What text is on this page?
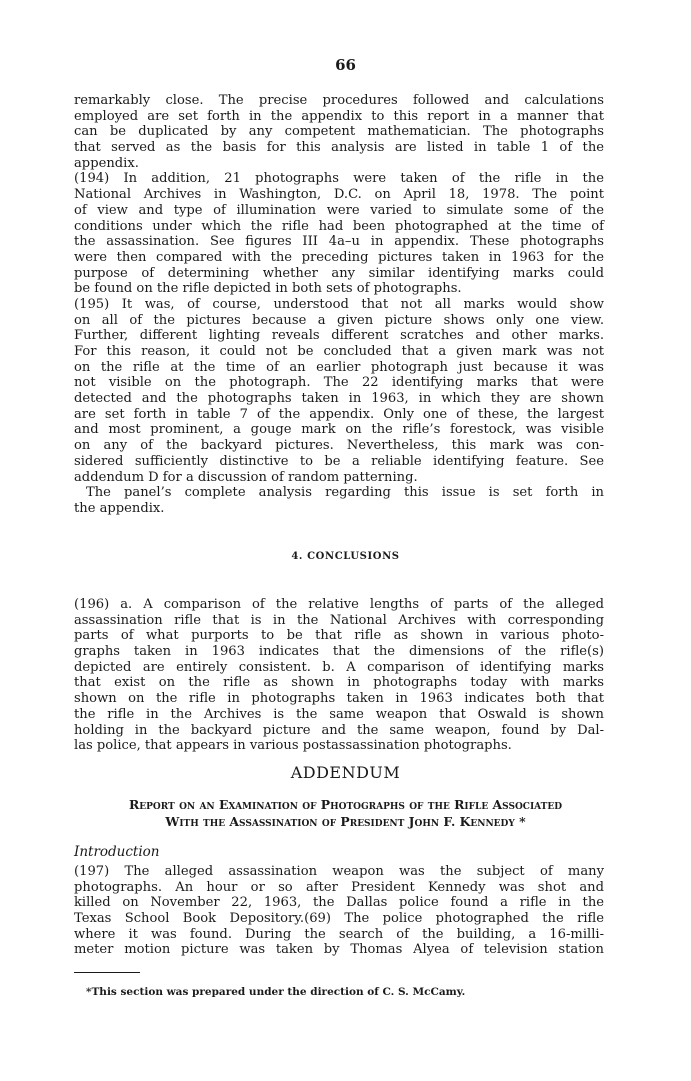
66
remarkably close. The precise procedures followed and calculations
employed are set forth in the appendix to this report in a manner that
can be duplicated by any competent mathematician. The photographs
that served as the basis for this analysis are listed in table 1 of the
appendix.
(194) In addition, 21 photographs were taken of the rifle in the
National Archives in Washington, D.C. on April 18, 1978. The point
of view and type of illumination were varied to simulate some of the
conditions under which the rifle had been photographed at the time of
the assassination. See figures III 4a–u in appendix. These photographs
were then compared with the preceding pictures taken in 1963 for the
purpose of determining whether any similar identifying marks could
be found on the rifle depicted in both sets of photographs.
(195) It was, of course, understood that not all marks would show
on all of the pictures because a given picture shows only one view.
Further, different lighting reveals different scratches and other marks.
For this reason, it could not be concluded that a given mark was not
on the rifle at the time of an earlier photograph just because it was
not visible on the photograph. The 22 identifying marks that were
detected and the photographs taken in 1963, in which they are shown
are set forth in table 7 of the appendix. Only one of these, the largest
and most prominent, a gouge mark on the rifle’s forestock, was visible
on any of the backyard pictures. Nevertheless, this mark was con-
sidered sufficiently distinctive to be a reliable identifying feature. See
addendum D for a discussion of random patterning.
The panel’s complete analysis regarding this issue is set forth in
the appendix.
4. CONCLUSIONS
(196) a. A comparison of the relative lengths of parts of the alleged
assassination rifle that is in the National Archives with corresponding
parts of what purports to be that rifle as shown in various photo-
graphs taken in 1963 indicates that the dimensions of the rifle(s)
depicted are entirely consistent. b. A comparison of identifying marks
that exist on the rifle as shown in photographs today with marks
shown on the rifle in photographs taken in 1963 indicates both that
the rifle in the Archives is the same weapon that Oswald is shown
holding in the backyard picture and the same weapon, found by Dal-
las police, that appears in various postassassination photographs.
ADDENDUM
Report on an Examination of Photographs of the Rifle Associated
With the Assassination of President John F. Kennedy *
Introduction
(197) The alleged assassination weapon was the subject of many
photographs. An hour or so after President Kennedy was shot and
killed on November 22, 1963, the Dallas police found a rifle in the
Texas School Book Depository.(69) The police photographed the rifle
where it was found. During the search of the building, a 16-milli-
meter motion picture was taken by Thomas Alyea of television station
*This section was prepared under the direction of C. S. McCamy.
